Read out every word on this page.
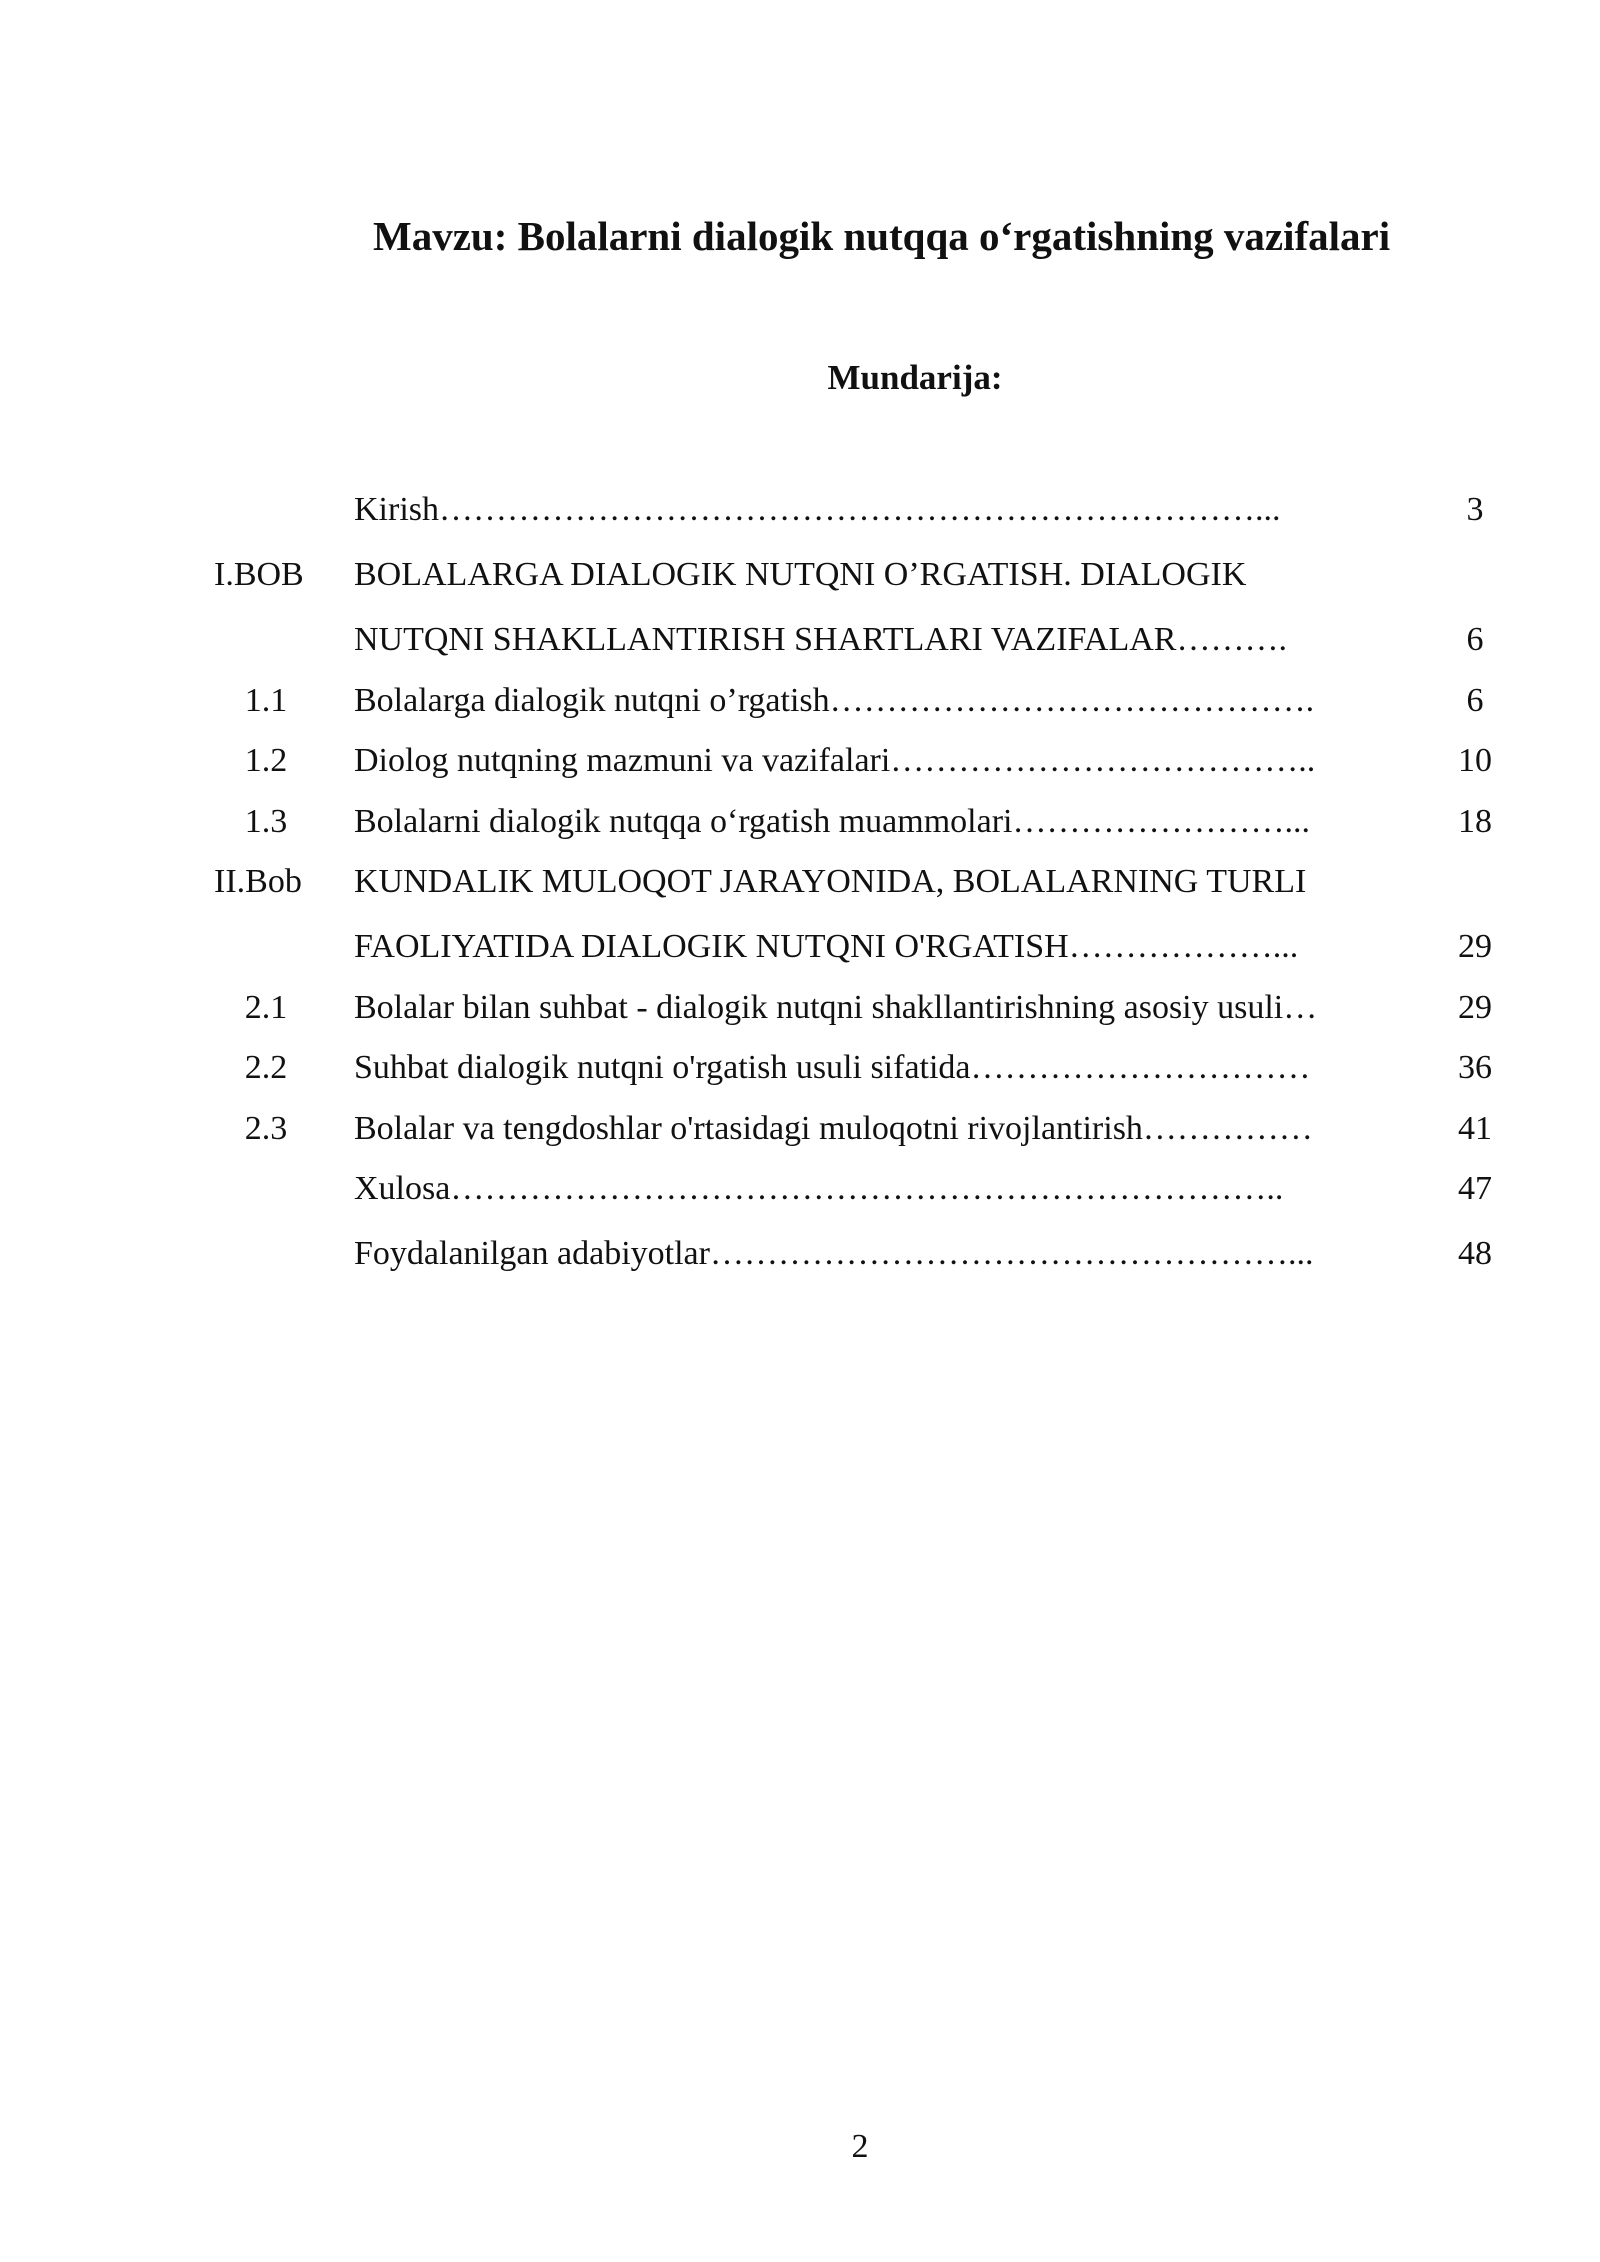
Mavzu: Bolalarni dialogik nutqqa o‘rgatishning vazifalari
Mundarija:
Kirish………………………………………………………………...	3
I.BOB	BOLALARGA DIALOGIK NUTQNI O’RGATISH. DIALOGIK
NUTQNI SHAKLLANTIRISH SHARTLARI VAZIFALAR……….	6
1.1	Bolalarga dialogik nutqni o’rgatish…………………………………….	6
1.2	Diolog nutqning mazmuni va vazifalari………………………………..	10
1.3	Bolalarni dialogik nutqqa o‘rgatish muammolari……………………...	18
II.Bob	KUNDALIK MULOQOT JARAYONIDA, BOLALARNING TURLI
FAOLIYATIDA DIALOGIK NUTQNI O'RGATISH………………...	29
2.1	Bolalar bilan suhbat - dialogik nutqni shakllantirishning asosiy usuli…	29
2.2	Suhbat dialogik nutqni o'rgatish usuli sifatida…………………………	36
2.3	Bolalar va tengdoshlar o'rtasidagi muloqotni rivojlantirish……………	41
Xulosa………………………………………………………………..	47
Foydalanilgan adabiyotlar……………………………………………...	48
2
